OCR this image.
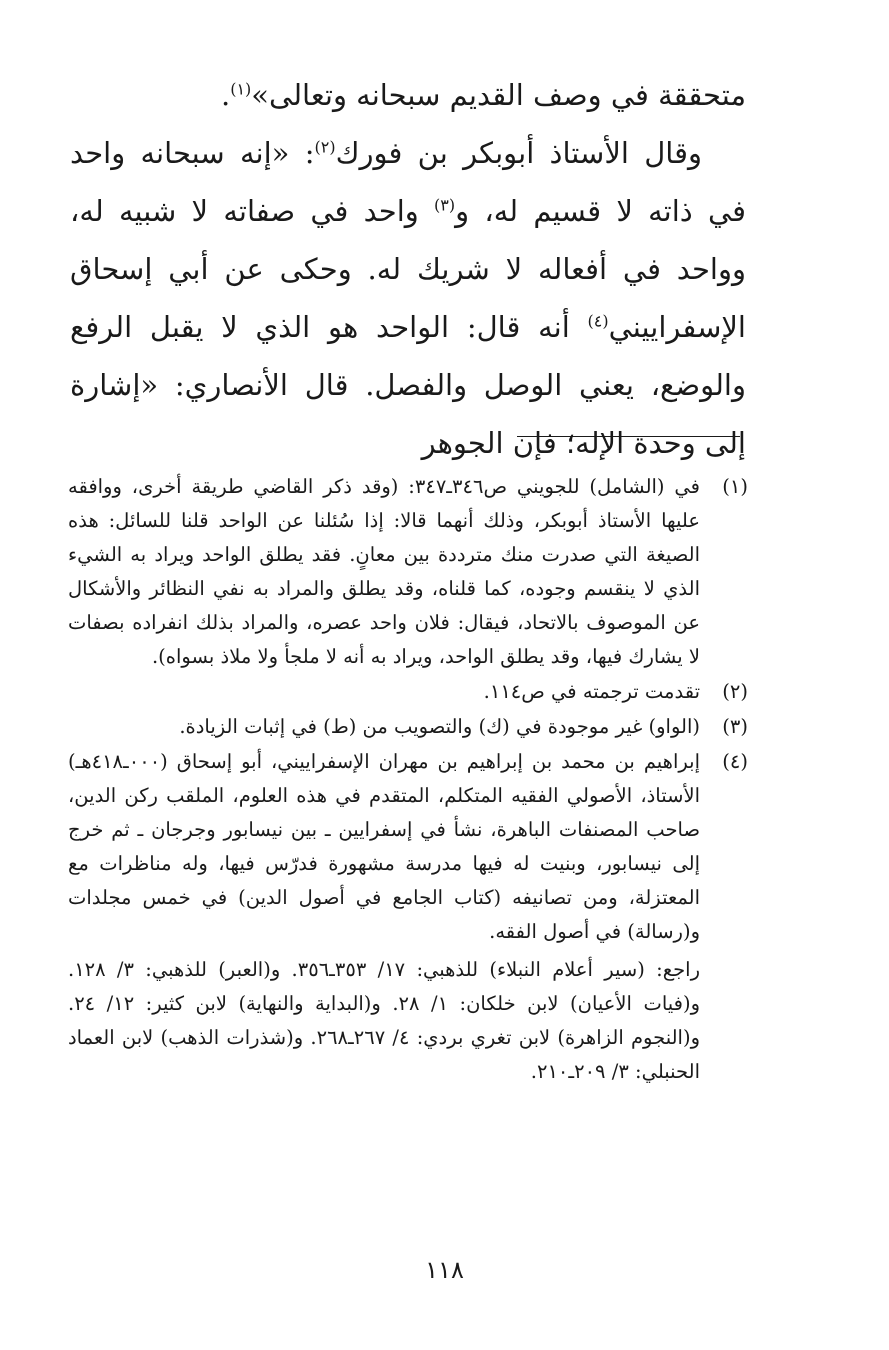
متحققة في وصف القديم سبحانه وتعالى»$^{(١)}$.

وقال الأستاذ أبوبكر بن فورك$^{(٢)}$: «إنه سبحانه واحد في ذاته لا قسيم له، و$^{(٣)}$ واحد في صفاته لا شبيه له، وواحد في أفعاله لا شريك له. وحكى عن أبي إسحاق الإسفراييني$^{(٤)}$ أنه قال: الواحد هو الذي لا يقبل الرفع والوضع، يعني الوصل والفصل. قال الأنصاري: «إشارة إلى وحدة الإله؛ فإن الجوهر

(١)
في (الشامل) للجويني ص٣٤٦ـ٣٤٧: (وقد ذكر القاضي طريقة أخرى، ووافقه عليها الأستاذ أبوبكر، وذلك أنهما قالا: إذا سُئلنا عن الواحد قلنا للسائل: هذه الصيغة التي صدرت منك مترددة بين معانٍ. فقد يطلق الواحد ويراد به الشيء الذي لا ينقسم وجوده، كما قلناه، وقد يطلق والمراد به نفي النظائر والأشكال عن الموصوف بالاتحاد، فيقال: فلان واحد عصره، والمراد بذلك انفراده بصفات لا يشارك فيها، وقد يطلق الواحد، ويراد به أنه لا ملجأ ولا ملاذ بسواه).
(٢)
تقدمت ترجمته في ص١١٤.
(٣)
(الواو) غير موجودة في (ك) والتصويب من (ط) في إثبات الزيادة.
(٤)
إبراهيم بن محمد بن إبراهيم بن مهران الإسفراييني، أبو إسحاق (٠٠٠ـ٤١٨هـ) الأستاذ، الأصولي الفقيه المتكلم، المتقدم في هذه العلوم، الملقب ركن الدين، صاحب المصنفات الباهرة، نشأ في إسفرايين ـ بين نيسابور وجرجان ـ ثم خرج إلى نيسابور، وبنيت له فيها مدرسة مشهورة فدرّس فيها، وله مناظرات مع المعتزلة، ومن تصانيفه (كتاب الجامع في أصول الدين) في خمس مجلدات و(رسالة) في أصول الفقه.
راجع: (سير أعلام النبلاء) للذهبي: ١٧/ ٣٥٣ـ٣٥٦. و(العبر) للذهبي: ٣/ ١٢٨. و(فيات الأعيان) لابن خلكان: ١/ ٢٨. و(البداية والنهاية) لابن كثير: ١٢/ ٢٤. و(النجوم الزاهرة) لابن تغري بردي: ٤/ ٢٦٧ـ٢٦٨. و(شذرات الذهب) لابن العماد الحنبلي: ٣/ ٢٠٩ـ٢١٠.
١١٨
